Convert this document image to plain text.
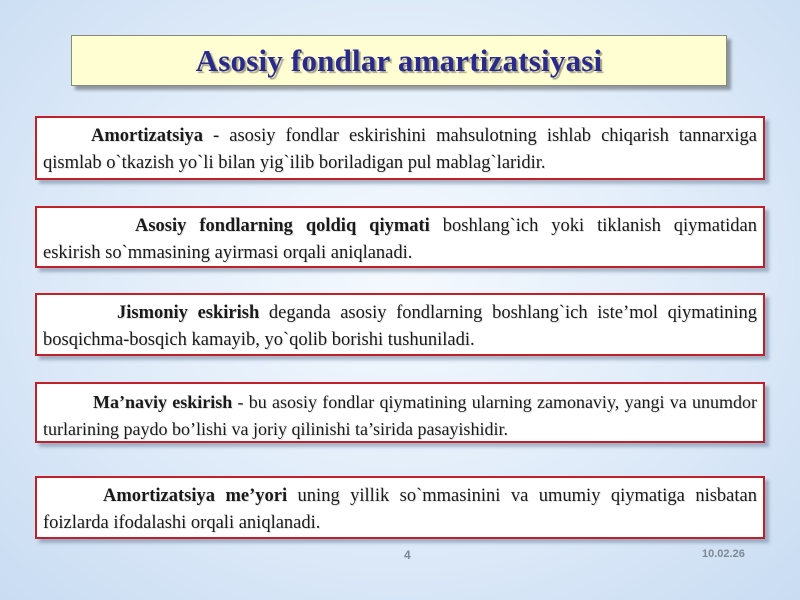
Asosiy fondlar amartizatsiyasi
Amortizatsiya - asosiy fondlar eskirishini mahsulotning ishlab chiqarish tannarxiga qismlab o`tkazish yo`li bilan yig`ilib boriladigan pul mablag`laridir.
Asosiy fondlarning qoldiq qiymati boshlang`ich yoki tiklanish qiymatidan eskirish so`mmasining ayirmasi orqali aniqlanadi.
Jismoniy eskirish deganda asosiy fondlarning boshlang`ich iste’mol qiymatining bosqichma-bosqich kamayib, yo`qolib borishi tushuniladi.
Ma’naviy eskirish - bu asosiy fondlar qiymatining ularning zamonaviy, yangi va unumdor turlarining paydo bo’lishi va joriy qilinishi ta’sirida pasayishidir.
Amortizatsiya me’yori uning yillik so`mmasinini va umumiy qiymatiga nisbatan foizlarda ifodalashi orqali aniqlanadi.
4	10.02.26
